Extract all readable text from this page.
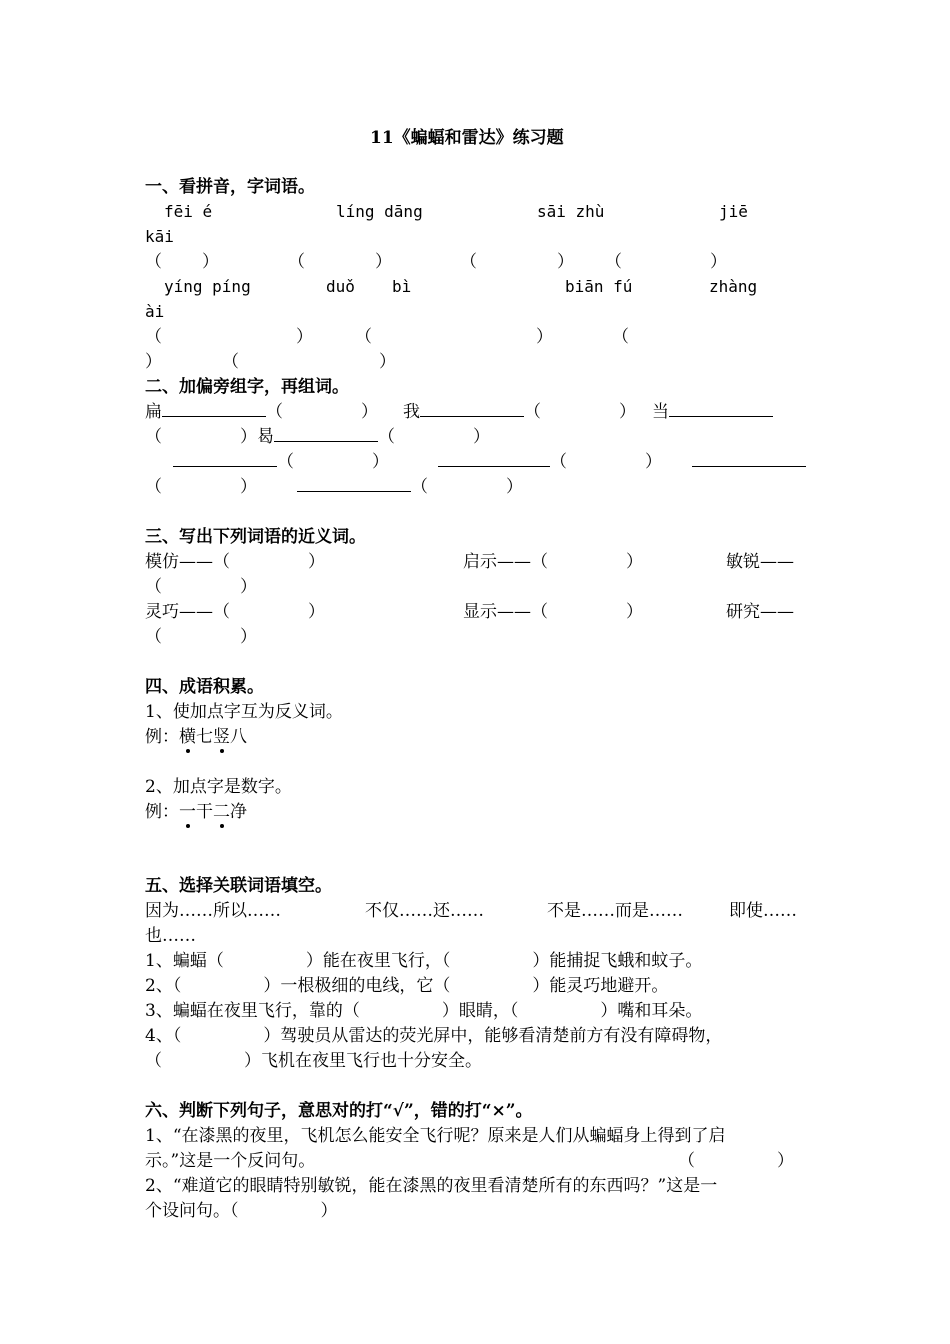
11《蝙蝠和雷达》练习题
一、看拼音，字词语。
fēi é	líng dāng	sāi zhù	jiē
kāi
（ ）	（	）	（	） （	）
yíng píng	duǒ bì	biān fú	zhàng
ài
（	） （	）	（
）	（	）
二、加偏旁组字，再组词。
扁	（	） 我	（	） 当
（	）曷	（	）
（	）	（	）
（	）	（	）
三、写出下列词语的近义词。
模仿——（	）	启示——（	）	敏锐——
（	）
灵巧——（	）	显示——（	）	研究——
（	）
四、成语积累。
1、使加点字互为反义词。
例：横七竖八
2、加点字是数字。
例：一干二净
五、选择关联词语填空。
因为……所以……	不仅……还……	不是……而是……	即使……
也……
1、蝙蝠（	）能在夜里飞行，（	）能捕捉飞蛾和蚊子。
2、（	）一根极细的电线，它（	）能灵巧地避开。
3、蝙蝠在夜里飞行，靠的（	）眼睛，（	）嘴和耳朵。
4、（	）驾驶员从雷达的荧光屏中，能够看清楚前方有没有障碍物，
（	）飞机在夜里飞行也十分安全。
六、判断下列句子，意思对的打“√”，错的打“×”。
1、“在漆黑的夜里，飞机怎么能安全飞行呢？原来是人们从蝙蝠身上得到了启
示。”这是一个反问句。	（	）
2、“难道它的眼睛特别敏锐，能在漆黑的夜里看清楚所有的东西吗？”这是一
个设问句。（	）
